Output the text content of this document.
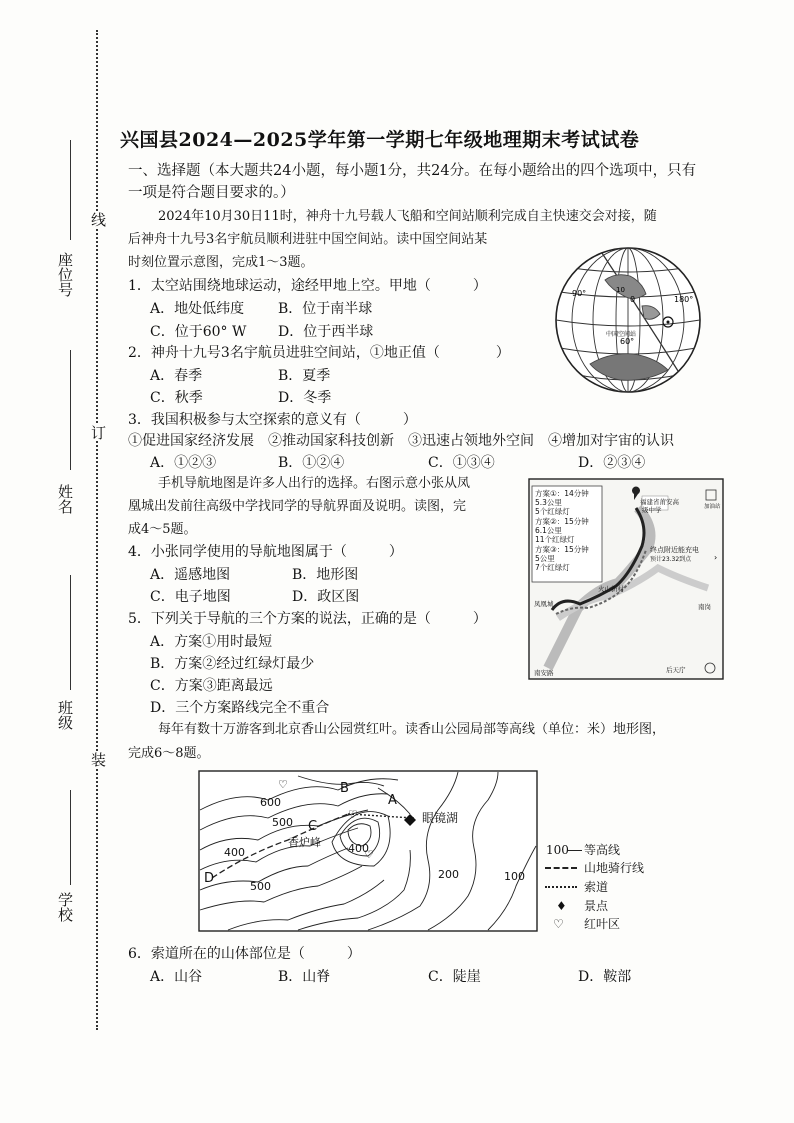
线
订
装
座位号
姓名
班级
学校
兴国县2024—2025学年第一学期七年级地理期末考试试卷
一、选择题（本大题共24小题，每小题1分，共24分。在每小题给出的四个选项中，只有
一项是符合题目要求的。）
2024年10月30日11时，神舟十九号载人飞船和空间站顺利完成自主快速交会对接，随
后神舟十九号3名宇航员顺利进驻中国空间站。读中国空间站某
时刻位置示意图，完成1～3题。
90°
0	180°
10
60°
中国空间站
1．太空站围绕地球运动，途经甲地上空。甲地（　　　）
A．地处低纬度 B．位于南半球
C．位于60° W D．位于西半球
2．神舟十九号3名宇航员进驻空间站，①地正值（　　　　）
A．春季	B．夏季
C．秋季	D．冬季
3．我国积极参与太空探索的意义有（　　　）
①促进国家经济发展　②推动国家科技创新　③迅速占领地外空间　④增加对宇宙的认识
A．①②③	B．①②④	C．①③④	D．②③④
手机导航地图是许多人出行的选择。右图示意小张从凤
凰城出发前往高级中学找同学的导航界面及说明。读图，完
成4～5题。
方案①：14分钟
5.3公里
5个红绿灯
方案②：15分钟
6.1公里
11个红绿灯
方案③：15分钟
5公里
7个红绿灯
福建省莆安高
级中学
终点附近能充电
预计23.32到点
加油站
火山新村
南岗
凤凰城
南安路	后天庁
›
4．小张同学使用的导航地图属于（　　　）
A．遥感地图	B．地形图
C．电子地图	D．政区图
5．下列关于导航的三个方案的说法，正确的是（　　　）
A．方案①用时最短
B．方案②经过红绿灯最少
C．方案③距离最远
D．三个方案路线完全不重合
每年有数十万游客到北京香山公园赏红叶。读香山公园局部等高线（单位：米）地形图，
完成6～8题。
600
500
400
500
400
200	100
A
B
C
D
眼镜湖
香炉峰
♡
♡
♡	100 等高线
山地骑行线
索道
♦ 景点
♡ 红叶区
6．索道所在的山体部位是（　　　）
A．山谷	B．山脊	C．陡崖	D．鞍部
